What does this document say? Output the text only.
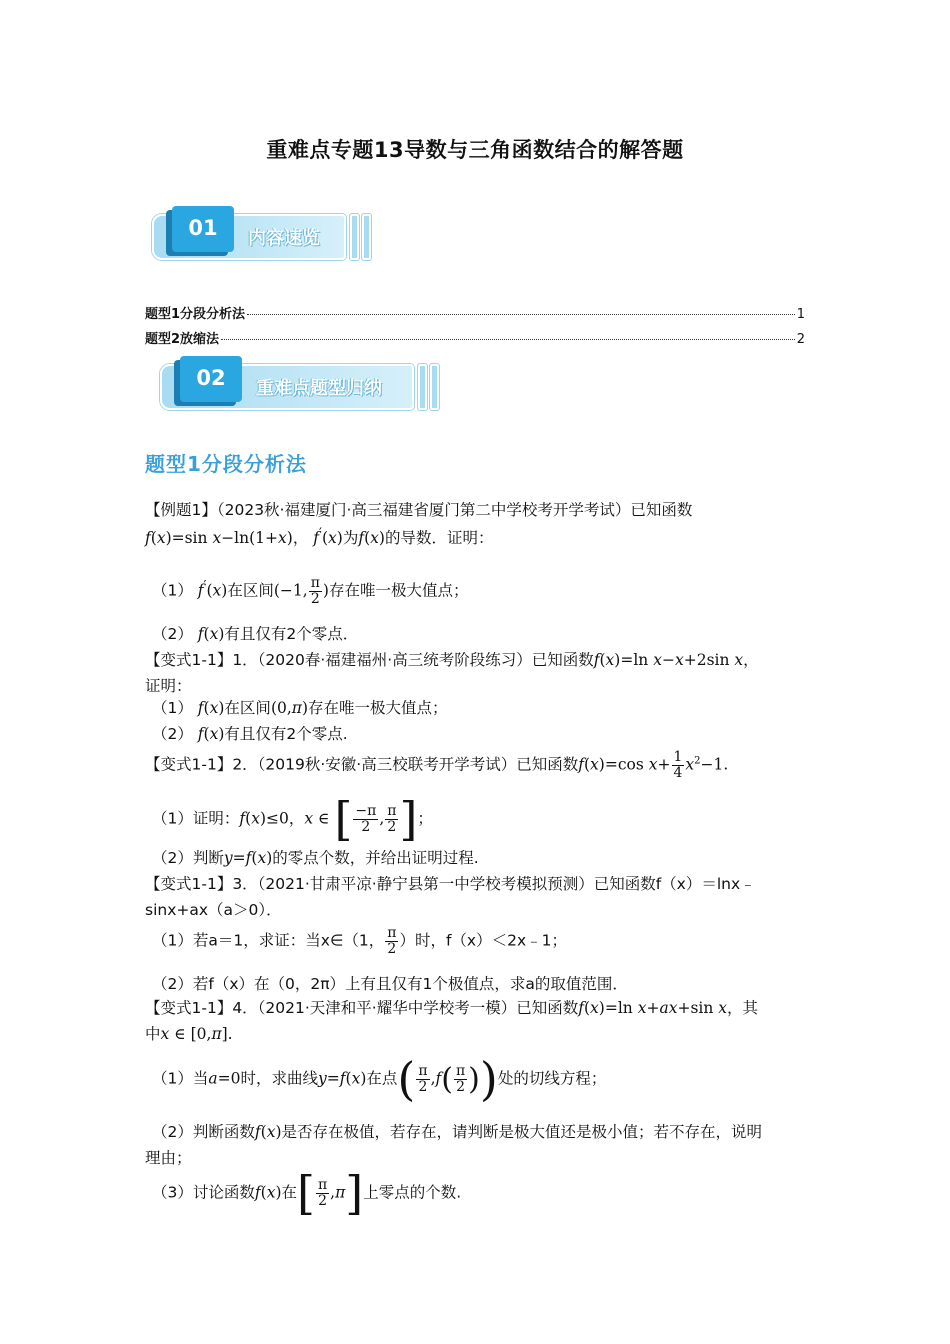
重难点专题13导数与三角函数结合的解答题
01	内容速览
题型1分段分析法	1
题型2放缩法	2
02	重难点题型归纳
题型1分段分析法
【例题1】（2023秋·福建厦门·高三福建省厦门第二中学校考开学考试）已知函数
f(x)=sin x−ln(1+x)， f′(x)为f(x)的导数．证明：
（1） f′(x)在区间(−1, $\frac{\pi}{2}$ )存在唯一极大值点；
（2） f(x)有且仅有2个零点．
【变式1-1】1．（2020春·福建福州·高三统考阶段练习）已知函数f(x)=ln x−x+2sin x，
证明：
（1） f(x)在区间(0,π)存在唯一极大值点；
（2） f(x)有且仅有2个零点.
【变式1-1】2．（2019秋·安徽·高三校联考开学考试）已知函数f(x)=cos $x+ \frac{1}{4} x^2-1$.
（1）证明：f(x)≤0，x ∈ [ $\frac{-\pi}{2}$ , $\frac{\pi}{2}$ ]；
（2）判断y=f(x)的零点个数，并给出证明过程.
【变式1-1】3．（2021·甘肃平凉·静宁县第一中学校考模拟预测）已知函数f（x）＝lnx﹣
sinx+ax（a＞0）．
（1）若a＝1，求证：当x∈（1， $\frac{\pi}{2}$ ）时，f（x）＜2x﹣1；
（2）若f（x）在（0，2π）上有且仅有1个极值点，求a的取值范围．
【变式1-1】4．（2021·天津和平·耀华中学校考一模）已知函数f(x)=ln x+ax+sin x，其
中x ∈ [0,π].
（1）当a=0时，求曲线y=f(x)在点( $\frac{\pi}{2} ,f( \frac{\pi}{2}$ ))处的切线方程；
（2）判断函数f(x)是否存在极值，若存在，请判断是极大值还是极小值；若不存在，说明
理由；
（3）讨论函数f(x)在[ $\frac{\pi}{2} ,\pi$]上零点的个数.
